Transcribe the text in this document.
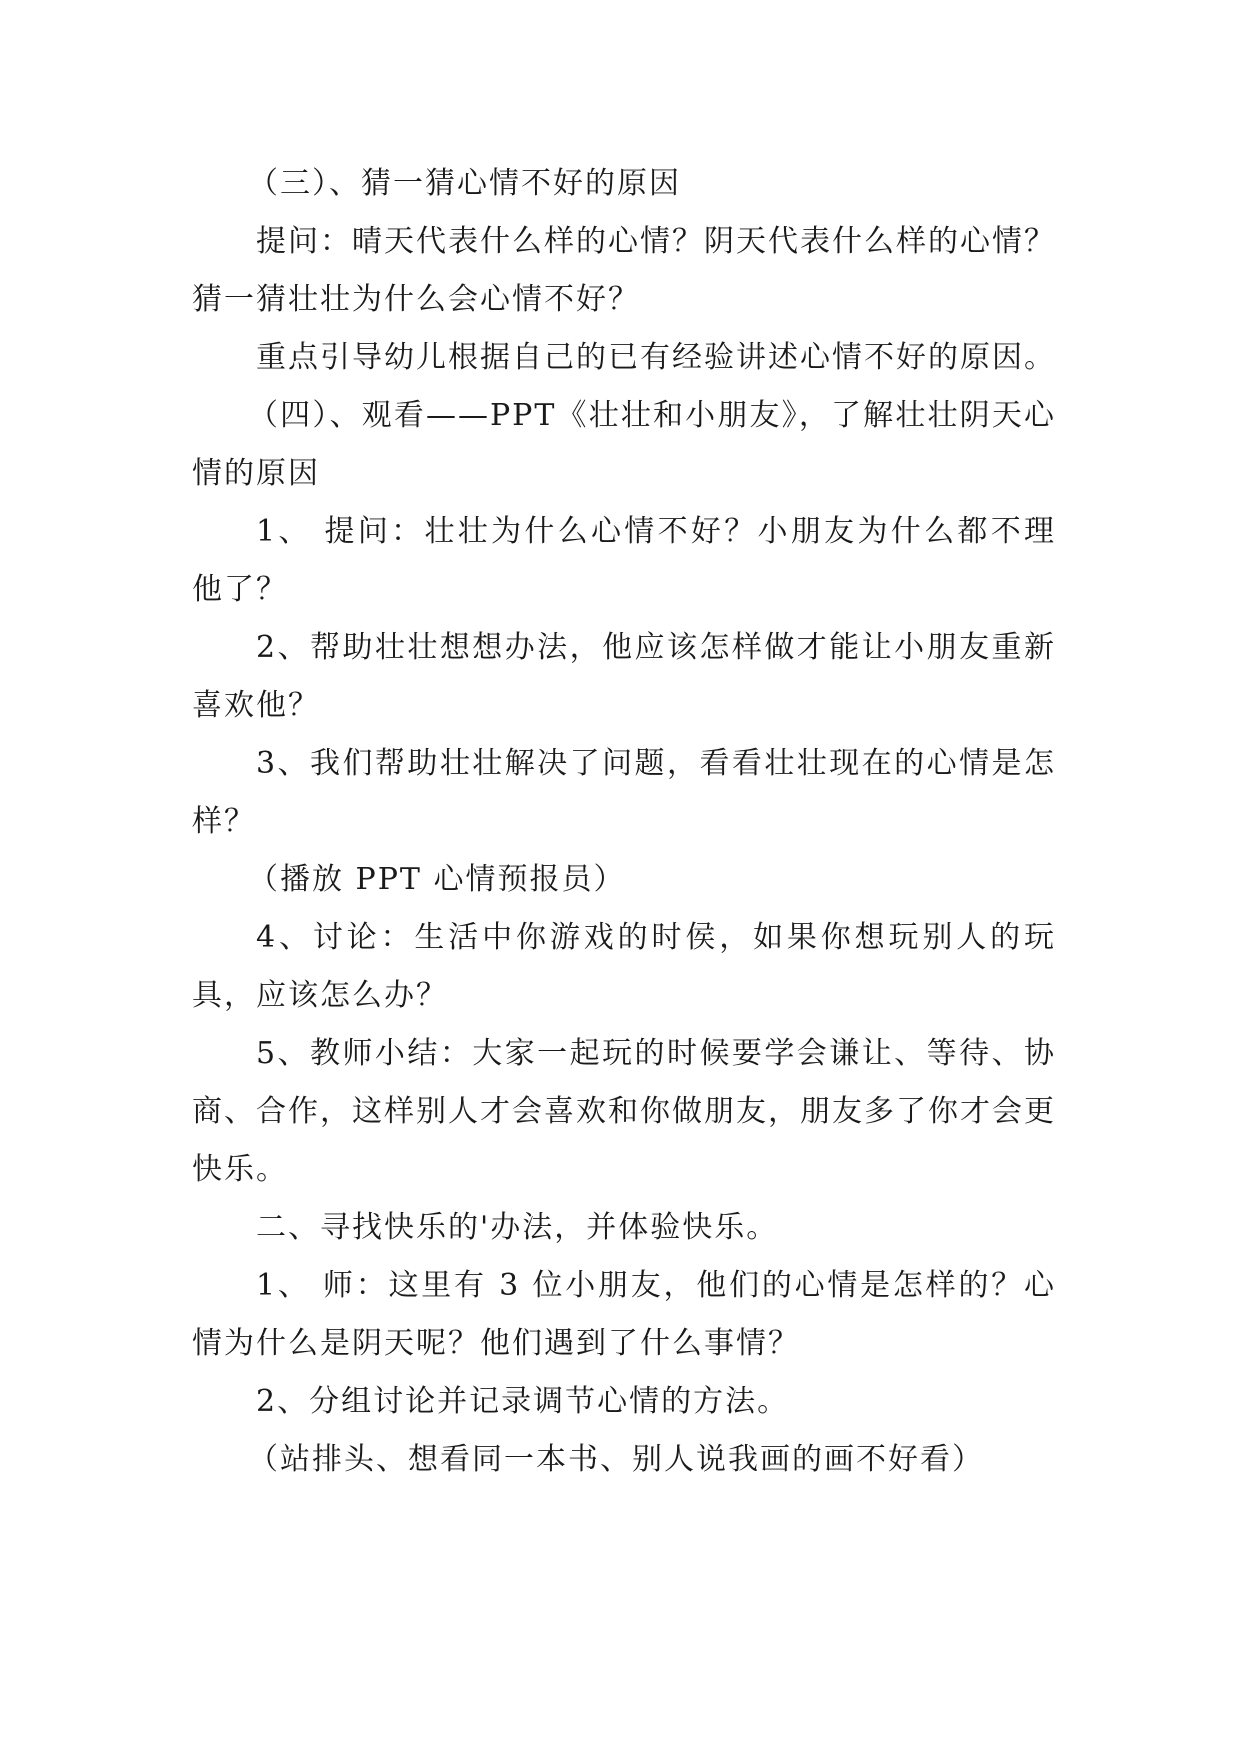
（三）、猜一猜心情不好的原因

提问：晴天代表什么样的心情？阴天代表什么样的心情？猜一猜壮壮为什么会心情不好？

重点引导幼儿根据自己的已有经验讲述心情不好的原因。

（四）、观看——PPT《壮壮和小朋友》，了解壮壮阴天心情的原因

1、 提问：壮壮为什么心情不好？小朋友为什么都不理他了？

2、帮助壮壮想想办法，他应该怎样做才能让小朋友重新喜欢他？

3、我们帮助壮壮解决了问题，看看壮壮现在的心情是怎样？

（播放 PPT 心情预报员）

4、讨论：生活中你游戏的时侯，如果你想玩别人的玩具，应该怎么办？

5、教师小结：大家一起玩的时候要学会谦让、等待、协商、合作，这样别人才会喜欢和你做朋友，朋友多了你才会更快乐。

二、寻找快乐的'办法，并体验快乐。

1、 师：这里有 3 位小朋友，他们的心情是怎样的？心情为什么是阴天呢？他们遇到了什么事情？

2、分组讨论并记录调节心情的方法。

（站排头、想看同一本书、别人说我画的画不好看）
